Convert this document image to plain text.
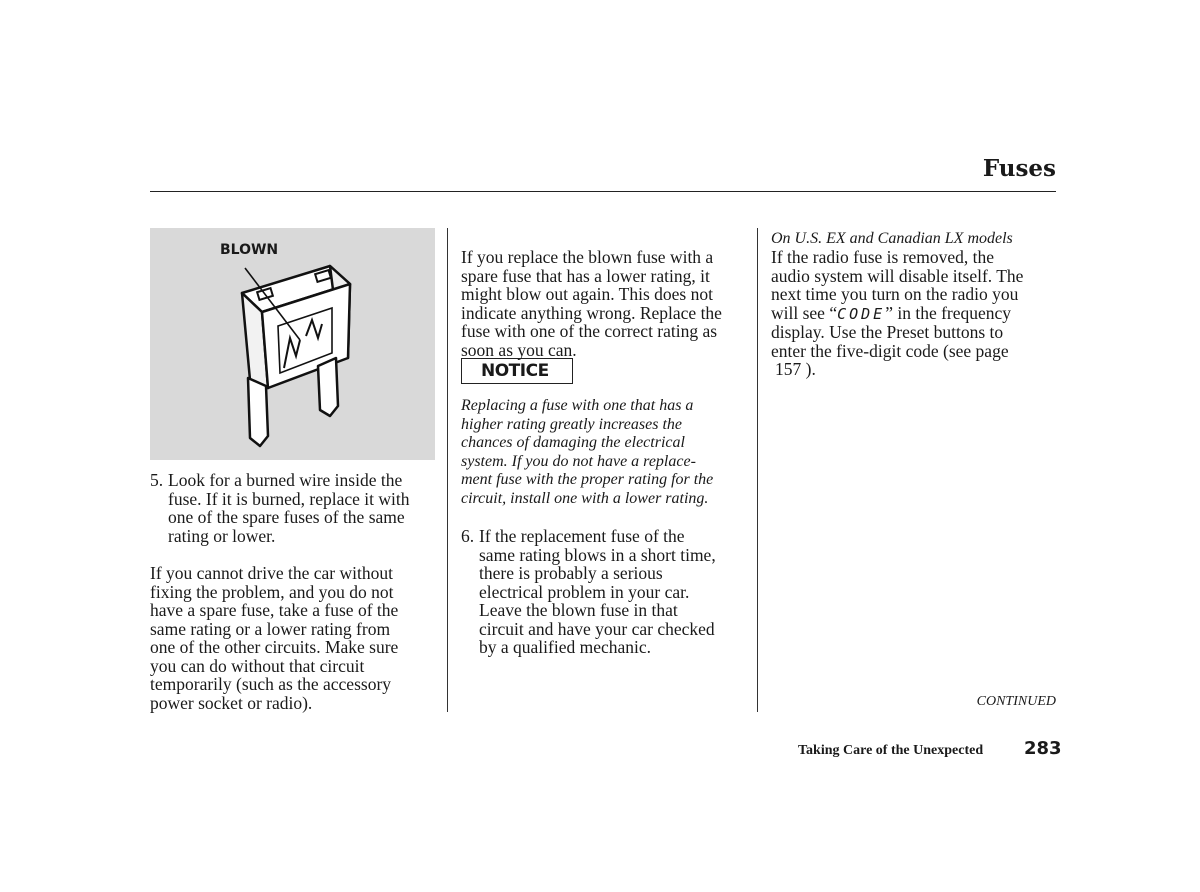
Fuses
BLOWN
5. Look for a burned wire inside the
fuse. If it is burned, replace it with
one of the spare fuses of the same
rating or lower.
If you cannot drive the car without
fixing the problem, and you do not
have a spare fuse, take a fuse of the
same rating or a lower rating from
one of the other circuits. Make sure
you can do without that circuit
temporarily (such as the accessory
power socket or radio).
If you replace the blown fuse with a
spare fuse that has a lower rating, it
might blow out again. This does not
indicate anything wrong. Replace the
fuse with one of the correct rating as
soon as you can.
NOTICE
Replacing a fuse with one that has a
higher rating greatly increases the
chances of damaging the electrical
system. If you do not have a replace-
ment fuse with the proper rating for the
circuit, install one with a lower rating.
6. If the replacement fuse of the
same rating blows in a short time,
there is probably a serious
electrical problem in your car.
Leave the blown fuse in that
circuit and have your car checked
by a qualified mechanic.
On U.S. EX and Canadian LX models
If the radio fuse is removed, the
audio system will disable itself. The
next time you turn on the radio you
will see “CODE” in the frequency
display. Use the Preset buttons to
enter the five-digit code (see page
157 ).
CONTINUED
Taking Care of the Unexpected 283
